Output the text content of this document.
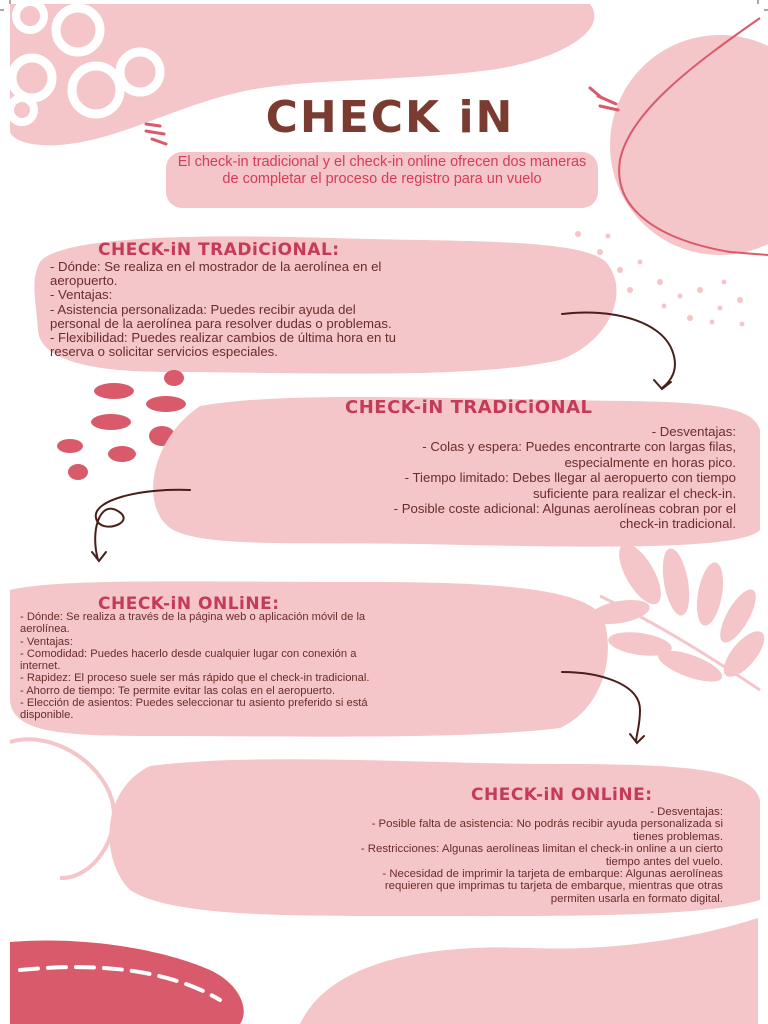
CHECK iN
El check-in tradicional y el check-in online ofrecen dos maneras de completar el proceso de registro para un vuelo
CHECK-iN TRADiCiONAL:
- Dónde: Se realiza en el mostrador de la aerolínea en el
aeropuerto.
- Ventajas:
- Asistencia personalizada: Puedes recibir ayuda del
personal de la aerolínea para resolver dudas o problemas.
- Flexibilidad: Puedes realizar cambios de última hora en tu
reserva o solicitar servicios especiales.
CHECK-iN TRADiCiONAL
- Desventajas:
- Colas y espera: Puedes encontrarte con largas filas,
especialmente en horas pico.
- Tiempo limitado: Debes llegar al aeropuerto con tiempo
suficiente para realizar el check-in.
- Posible coste adicional: Algunas aerolíneas cobran por el
check-in tradicional.
CHECK-iN ONLiNE:
- Dónde: Se realiza a través de la página web o aplicación móvil de la
aerolínea.
- Ventajas:
- Comodidad: Puedes hacerlo desde cualquier lugar con conexión a
internet.
- Rapidez: El proceso suele ser más rápido que el check-in tradicional.
- Ahorro de tiempo: Te permite evitar las colas en el aeropuerto.
- Elección de asientos: Puedes seleccionar tu asiento preferido si está
disponible.
CHECK-iN ONLiNE:
- Desventajas:
- Posible falta de asistencia: No podrás recibir ayuda personalizada si
tienes problemas.
- Restricciones: Algunas aerolíneas limitan el check-in online a un cierto
tiempo antes del vuelo.
- Necesidad de imprimir la tarjeta de embarque: Algunas aerolíneas
requieren que imprimas tu tarjeta de embarque, mientras que otras
permiten usarla en formato digital.
